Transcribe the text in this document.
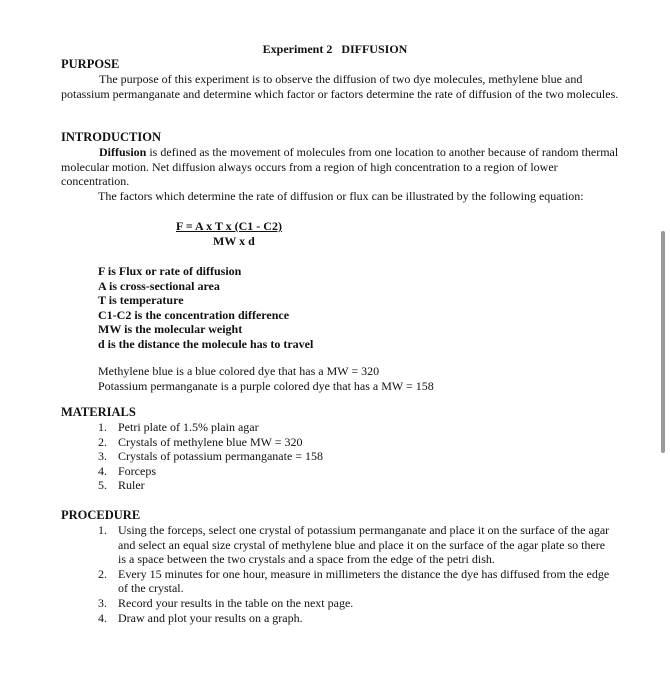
Experiment 2 DIFFUSION
PURPOSE
The purpose of this experiment is to observe the diffusion of two dye molecules, methylene blue and potassium permanganate and determine which factor or factors determine the rate of diffusion of the two molecules.
INTRODUCTION
Diffusion is defined as the movement of molecules from one location to another because of random thermal molecular motion. Net diffusion always occurs from a region of high concentration to a region of lower concentration.
The factors which determine the rate of diffusion or flux can be illustrated by the following equation:
F = A x T x (C1 - C2)
MW x d
F is Flux or rate of diffusion
A is cross-sectional area
T is temperature
C1-C2 is the concentration difference
MW is the molecular weight
d is the distance the molecule has to travel
Methylene blue is a blue colored dye that has a MW = 320
Potassium permanganate is a purple colored dye that has a MW = 158
MATERIALS
1. Petri plate of 1.5% plain agar
2. Crystals of methylene blue MW = 320
3. Crystals of potassium permanganate = 158
4. Forceps
5. Ruler
PROCEDURE
1. Using the forceps, select one crystal of potassium permanganate and place it on the surface of the agar and select an equal size crystal of methylene blue and place it on the surface of the agar plate so there is a space between the two crystals and a space from the edge of the petri dish.
2. Every 15 minutes for one hour, measure in millimeters the distance the dye has diffused from the edge of the crystal.
3. Record your results in the table on the next page.
4. Draw and plot your results on a graph.
